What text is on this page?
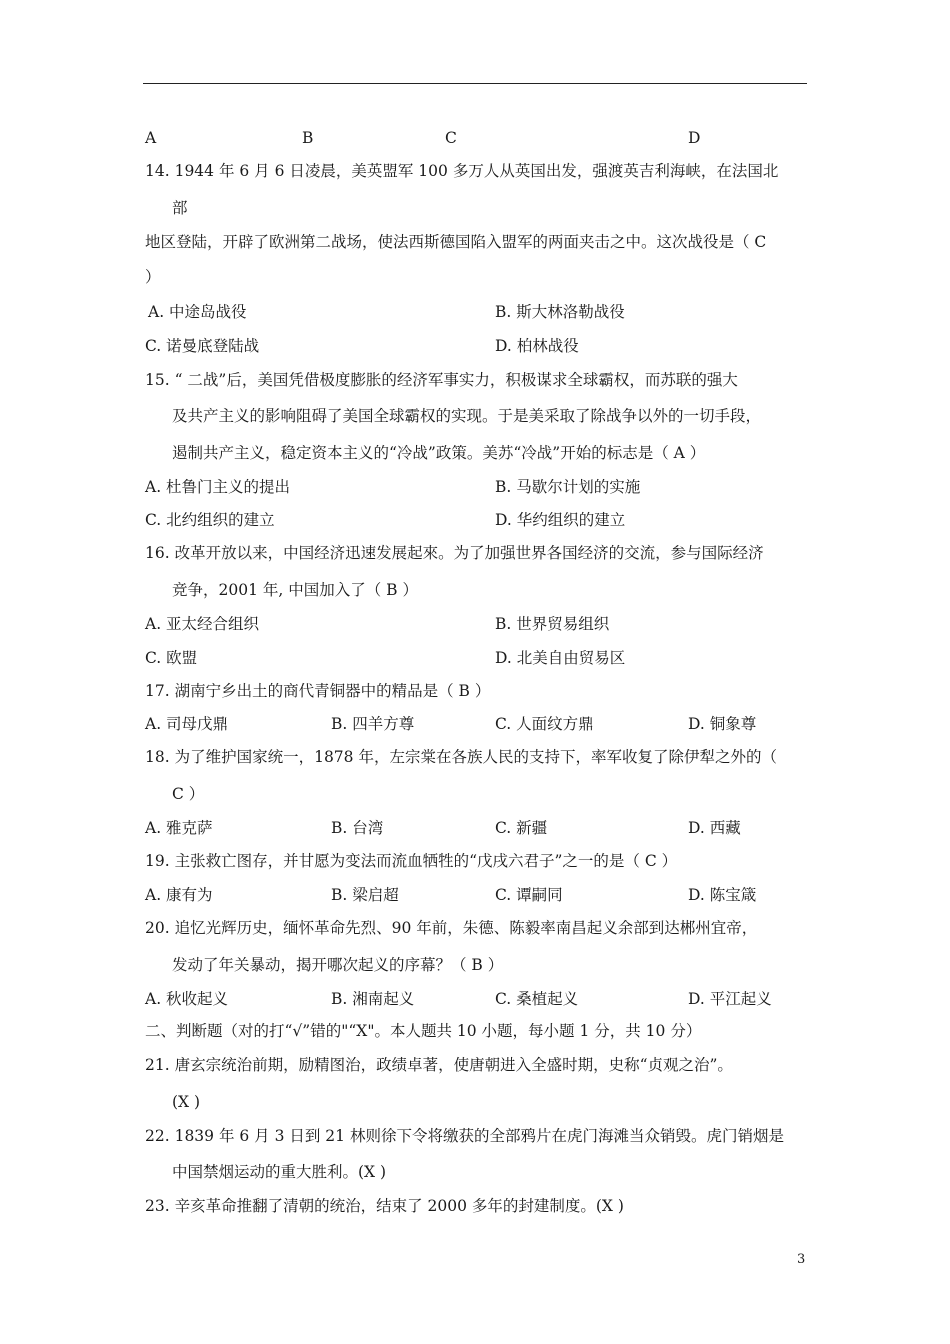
A	B	C	D
14. 1944 年 6 月 6 日凌晨，美英盟军 100 多万人从英国出发，强渡英吉利海峡，在法国北
部
地区登陆，开辟了欧洲第二战场，使法西斯德国陷入盟军的两面夹击之中。这次战役是（ C
）
A. 中途岛战役	B. 斯大林洛勒战役
C. 诺曼底登陆战	D. 柏林战役
15. “ 二战”后，美国凭借极度膨胀的经济军事实力，积极谋求全球霸权，而苏联的强大
及共产主义的影响阻碍了美国全球霸权的实现。于是美采取了除战争以外的一切手段，
遏制共产主义，稳定资本主义的“冷战”政策。美苏“冷战”开始的标志是（ A ）
A. 杜鲁门主义的提出	B. 马歇尔计划的实施
C. 北约组织的建立	D. 华约组织的建立
16. 改革开放以来，中国经济迅速发展起來。为了加强世界各国经济的交流，参与国际经济
竞争，2001 年, 中国加入了（ B ）
A. 亚太经合组织	B. 世界贸易组织
C. 欧盟	D. 北美自由贸易区
17. 湖南宁乡出土的商代青铜器中的精品是（ B ）
A. 司母戊鼎	B. 四羊方尊	C. 人面纹方鼎	D. 铜象尊
18. 为了维护国家统一，1878 年，左宗棠在各族人民的支持下，率军收复了除伊犁之外的（
C ）
A. 雅克萨	B. 台湾	C. 新疆	D. 西藏
19. 主张救亡图存，并甘愿为变法而流血牺牲的“戊戌六君子”之一的是（ C ）
A. 康有为	B. 梁启超	C. 谭嗣同	D. 陈宝箴
20. 追忆光辉历史，缅怀革命先烈、90 年前，朱德、陈毅率南昌起义余部到达郴州宜帝，
发动了年关暴动，揭开哪次起义的序幕？（ B ）
A. 秋收起义	B. 湘南起义	C. 桑植起义	D. 平江起义
二、判断题（对的打“√”错的"“X"。本人题共 10 小题，每小题 1 分，共 10 分）
21. 唐玄宗统治前期，励精图治，政绩卓著，使唐朝进入全盛时期，史称“贞观之治”。
(X )
22. 1839 年 6 月 3 日到 21 林则徐下令将缴获的全部鸦片在虎门海滩当众销毁。虎门销烟是
中国禁烟运动的重大胜利。(X )
23. 辛亥革命推翻了清朝的统治，结束了 2000 多年的封建制度。(X )
3
